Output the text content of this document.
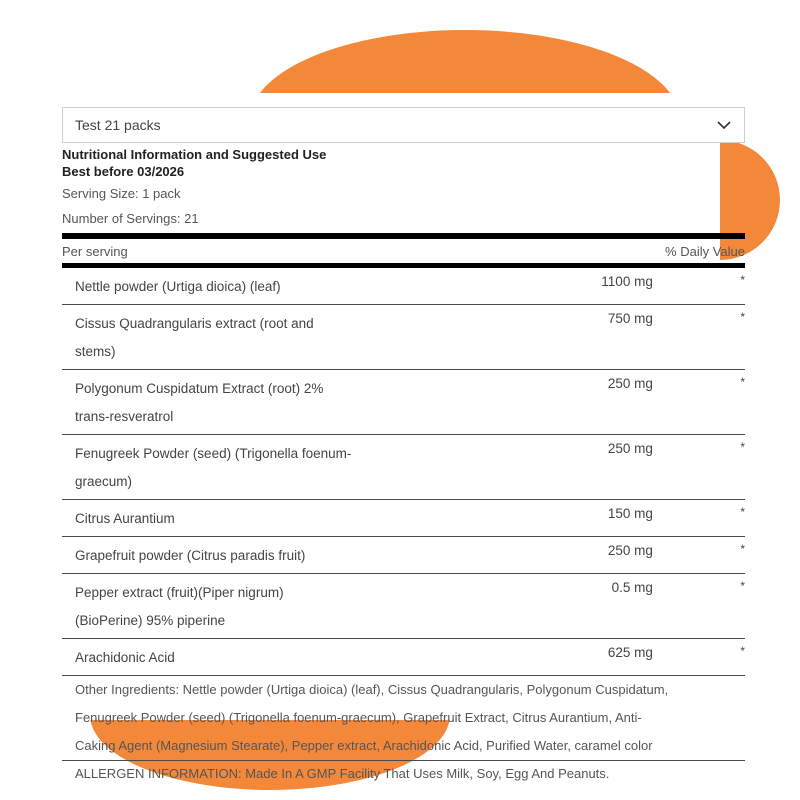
Test 21 packs
Nutritional Information and Suggested Use
Best before 03/2026
Serving Size: 1 pack
Number of Servings: 21
Per serving	% Daily Value
Nettle powder (Urtiga dioica) (leaf)	1100 mg	*

Cissus Quadrangularis extract (root and
stems)	750 mg	*

Polygonum Cuspidatum Extract (root) 2%
trans-resveratrol	250 mg	*

Fenugreek Powder (seed) (Trigonella foenum-
graecum)	250 mg	*

Citrus Aurantium	150 mg	*

Grapefruit powder (Citrus paradis fruit)	250 mg	*

Pepper extract (fruit)(Piper nigrum)
(BioPerine) 95% piperine	0.5 mg	*

Arachidonic Acid	625 mg	*
Other Ingredients: Nettle powder (Urtiga dioica) (leaf), Cissus Quadrangularis, Polygonum Cuspidatum,
Fenugreek Powder (seed) (Trigonella foenum-graecum), Grapefruit Extract, Citrus Aurantium, Anti-
Caking Agent (Magnesium Stearate), Pepper extract, Arachidonic Acid, Purified Water, caramel color
ALLERGEN INFORMATION: Made In A GMP Facility That Uses Milk, Soy, Egg And Peanuts.
